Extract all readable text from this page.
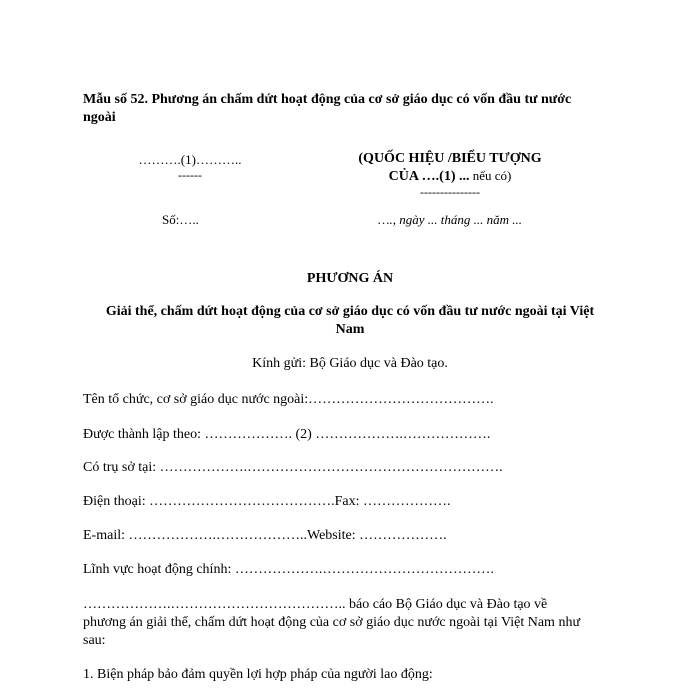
Mẫu số 52. Phương án chấm dứt hoạt động của cơ sở giáo dục có vốn đầu tư nước
ngoài
……….(1)………..
------
(QUỐC HIỆU /BIỂU TƯỢNG
CỦA ….(1) ... nếu có)
---------------
Số:…..	…., ngày ... tháng ... năm ...
PHƯƠNG ÁN
Giải thể, chấm dứt hoạt động của cơ sở giáo dục có vốn đầu tư nước ngoài tại Việt
Nam
Kính gửi: Bộ Giáo dục và Đào tạo.
Tên tổ chức, cơ sở giáo dục nước ngoài:………………………………….
Được thành lập theo: ………………. (2) ……………….……………….
Có trụ sở tại: ……………….……………………………………………….
Điện thoại: ………………………………….Fax: ……………….
E-mail: ……………….………………..Website: ……………….
Lĩnh vực hoạt động chính: ……………….……………………………….
……………….……………………………….. báo cáo Bộ Giáo dục và Đào tạo về
phương án giải thể, chấm dứt hoạt động của cơ sở giáo dục nước ngoài tại Việt Nam như
sau:
1. Biện pháp bảo đảm quyền lợi hợp pháp của người lao động:
